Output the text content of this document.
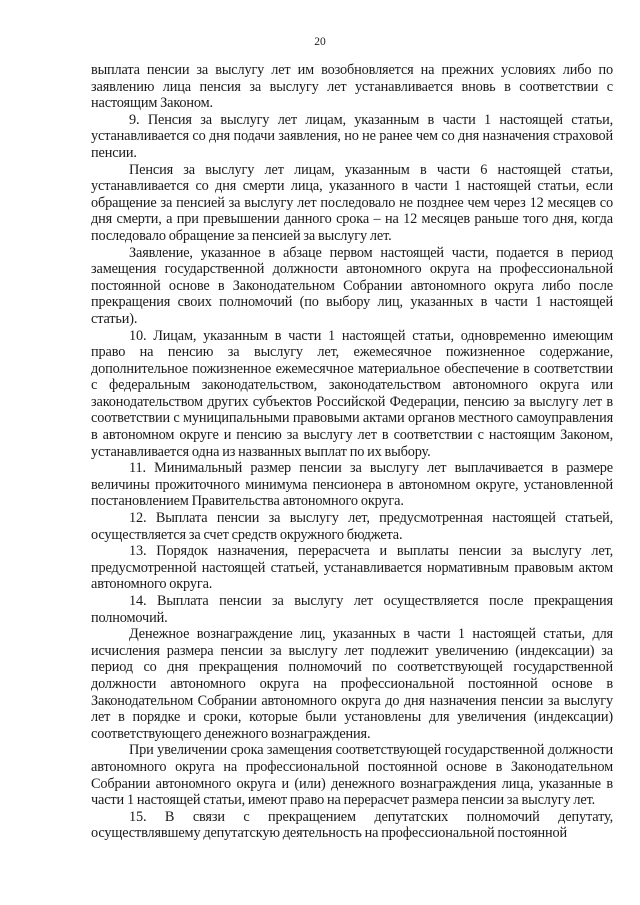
20

выплата пенсии за выслугу лет им возобновляется на прежних условиях либо по заявлению лица пенсия за выслугу лет устанавливается вновь в соответствии с настоящим Законом.

9. Пенсия за выслугу лет лицам, указанным в части 1 настоящей статьи, устанавливается со дня подачи заявления, но не ранее чем со дня назначения страховой пенсии.

Пенсия за выслугу лет лицам, указанным в части 6 настоящей статьи, устанавливается со дня смерти лица, указанного в части 1 настоящей статьи, если обращение за пенсией за выслугу лет последовало не позднее чем через 12 месяцев со дня смерти, а при превышении данного срока – на 12 месяцев раньше того дня, когда последовало обращение за пенсией за выслугу лет.

Заявление, указанное в абзаце первом настоящей части, подается в период замещения государственной должности автономного округа на профессиональной постоянной основе в Законодательном Собрании автономного округа либо после прекращения своих полномочий (по выбору лиц, указанных в части 1 настоящей статьи).

10. Лицам, указанным в части 1 настоящей статьи, одновременно имеющим право на пенсию за выслугу лет, ежемесячное пожизненное содержание, дополнительное пожизненное ежемесячное материальное обеспечение в соответствии с федеральным законодательством, законодательством автономного округа или законодательством других субъектов Российской Федерации, пенсию за выслугу лет в соответствии с муниципальными правовыми актами органов местного самоуправления в автономном округе и пенсию за выслугу лет в соответствии с настоящим Законом, устанавливается одна из названных выплат по их выбору.

11. Минимальный размер пенсии за выслугу лет выплачивается в размере величины прожиточного минимума пенсионера в автономном округе, установленной постановлением Правительства автономного округа.

12. Выплата пенсии за выслугу лет, предусмотренная настоящей статьей, осуществляется за счет средств окружного бюджета.

13. Порядок назначения, перерасчета и выплаты пенсии за выслугу лет, предусмотренной настоящей статьей, устанавливается нормативным правовым актом автономного округа.

14. Выплата пенсии за выслугу лет осуществляется после прекращения полномочий.

Денежное вознаграждение лиц, указанных в части 1 настоящей статьи, для исчисления размера пенсии за выслугу лет подлежит увеличению (индексации) за период со дня прекращения полномочий по соответствующей государственной должности автономного округа на профессиональной постоянной основе в Законодательном Собрании автономного округа до дня назначения пенсии за выслугу лет в порядке и сроки, которые были установлены для увеличения (индексации) соответствующего денежного вознаграждения.

При увеличении срока замещения соответствующей государственной должности автономного округа на профессиональной постоянной основе в Законодательном Собрании автономного округа и (или) денежного вознаграждения лица, указанные в части 1 настоящей статьи, имеют право на перерасчет размера пенсии за выслугу лет.

15. В связи с прекращением депутатских полномочий депутату, осуществлявшему депутатскую деятельность на профессиональной постоянной
